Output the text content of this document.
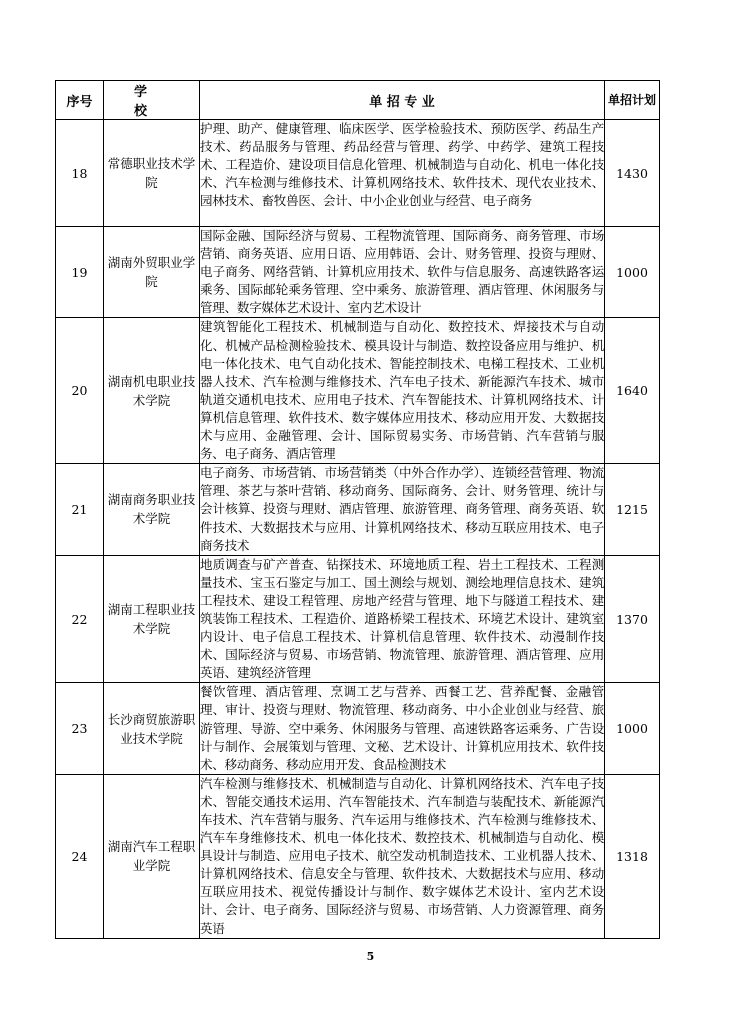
序号	学 校	单 招 专 业	单招计划
18	常德职业技术学院	护理、助产、健康管理、临床医学、医学检验技术、预防医学、药品生产技术、药品服务与管理、药品经营与管理、药学、中药学、建筑工程技术、工程造价、建设项目信息化管理、机械制造与自动化、机电一体化技术、汽车检测与维修技术、计算机网络技术、软件技术、现代农业技术、园林技术、畜牧兽医、会计、中小企业创业与经营、电子商务	1430
19	湖南外贸职业学院	国际金融、国际经济与贸易、工程物流管理、国际商务、商务管理、市场营销、商务英语、应用日语、应用韩语、会计、财务管理、投资与理财、电子商务、网络营销、计算机应用技术、软件与信息服务、高速铁路客运乘务、国际邮轮乘务管理、空中乘务、旅游管理、酒店管理、休闲服务与管理、数字媒体艺术设计、室内艺术设计	1000
20	湖南机电职业技术学院	建筑智能化工程技术、机械制造与自动化、数控技术、焊接技术与自动化、机械产品检测检验技术、模具设计与制造、数控设备应用与维护、机电一体化技术、电气自动化技术、智能控制技术、电梯工程技术、工业机器人技术、汽车检测与维修技术、汽车电子技术、新能源汽车技术、城市轨道交通机电技术、应用电子技术、汽车智能技术、计算机网络技术、计算机信息管理、软件技术、数字媒体应用技术、移动应用开发、大数据技术与应用、金融管理、会计、国际贸易实务、市场营销、汽车营销与服务、电子商务、酒店管理	1640
21	湖南商务职业技术学院	电子商务、市场营销、市场营销类（中外合作办学）、连锁经营管理、物流管理、茶艺与茶叶营销、移动商务、国际商务、会计、财务管理、统计与会计核算、投资与理财、酒店管理、旅游管理、商务管理、商务英语、软件技术、大数据技术与应用、计算机网络技术、移动互联应用技术、电子商务技术	1215
22	湖南工程职业技术学院	地质调查与矿产普查、钻探技术、环境地质工程、岩土工程技术、工程测量技术、宝玉石鉴定与加工、国土测绘与规划、测绘地理信息技术、建筑工程技术、建设工程管理、房地产经营与管理、地下与隧道工程技术、建筑装饰工程技术、工程造价、道路桥梁工程技术、环境艺术设计、建筑室内设计、电子信息工程技术、计算机信息管理、软件技术、动漫制作技术、国际经济与贸易、市场营销、物流管理、旅游管理、酒店管理、应用英语、建筑经济管理	1370
23	长沙商贸旅游职业技术学院	餐饮管理、酒店管理、烹调工艺与营养、西餐工艺、营养配餐、金融管理、审计、投资与理财、物流管理、移动商务、中小企业创业与经营、旅游管理、导游、空中乘务、休闲服务与管理、高速铁路客运乘务、广告设计与制作、会展策划与管理、文秘、艺术设计、计算机应用技术、软件技术、移动商务、移动应用开发、食品检测技术	1000
24	湖南汽车工程职业学院	汽车检测与维修技术、机械制造与自动化、计算机网络技术、汽车电子技术、智能交通技术运用、汽车智能技术、汽车制造与装配技术、新能源汽车技术、汽车营销与服务、汽车运用与维修技术、汽车检测与维修技术、汽车车身维修技术、机电一体化技术、数控技术、机械制造与自动化、模具设计与制造、应用电子技术、航空发动机制造技术、工业机器人技术、计算机网络技术、信息安全与管理、软件技术、大数据技术与应用、移动互联应用技术、视觉传播设计与制作、数字媒体艺术设计、室内艺术设计、会计、电子商务、国际经济与贸易、市场营销、人力资源管理、商务英语	1318
5
